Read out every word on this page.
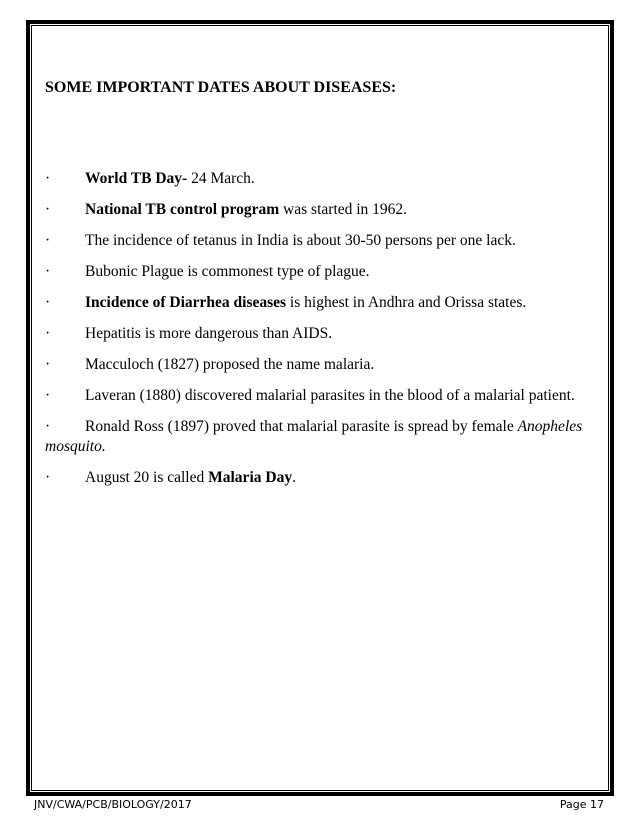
SOME IMPORTANT DATES ABOUT DISEASES:
· World TB Day- 24 March.
· National TB control program was started in 1962.
· The incidence of tetanus in India is about 30-50 persons per one lack.
· Bubonic Plague is commonest type of plague.
· Incidence of Diarrhea diseases is highest in Andhra and Orissa states.
· Hepatitis is more dangerous than AIDS.
· Macculoch (1827) proposed the name malaria.
· Laveran (1880) discovered malarial parasites in the blood of a malarial patient.
· Ronald Ross (1897) proved that malarial parasite is spread by female Anopheles mosquito.
· August 20 is called Malaria Day.
JNV/CWA/PCB/BIOLOGY/2017	Page 17
